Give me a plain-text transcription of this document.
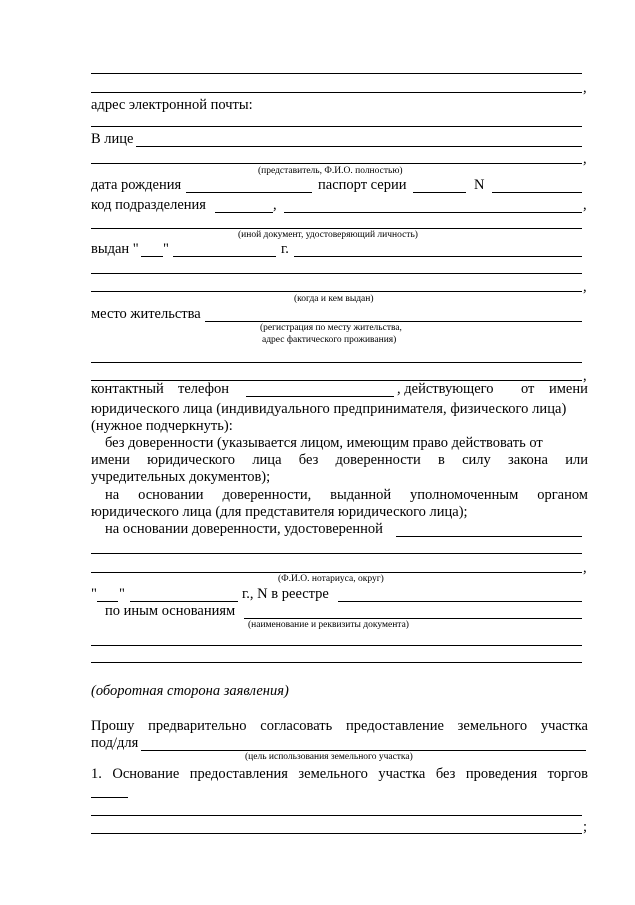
,
адрес электронной почты:
В лице
,
(представитель, Ф.И.О. полностью)
дата рождения	паспорт серии	N
код подразделения	,	,
(иной документ, удостоверяющий личность)
выдан " "	г.
,
(когда и кем выдан)
место жительства
(регистрация по месту жительства,
адрес фактического проживания)
,
контактный телефон	, действующего от имени
юридического лица (индивидуального предпринимателя, физического лица)
(нужное подчеркнуть):
без доверенности (указывается лицом, имеющим право действовать от
имени юридического лица без доверенности в силу закона или
учредительных документов);
на основании доверенности, выданной уполномоченным органом
юридического лица (для представителя юридического лица);
на основании доверенности, удостоверенной
,
(Ф.И.О. нотариуса, округ)
" "	г., N в реестре
по иным основаниям
(наименование и реквизиты документа)
(оборотная сторона заявления)
Прошу предварительно согласовать предоставление земельного участка
под/для
(цель использования земельного участка)
1. Основание предоставления земельного участка без проведения торгов
;
